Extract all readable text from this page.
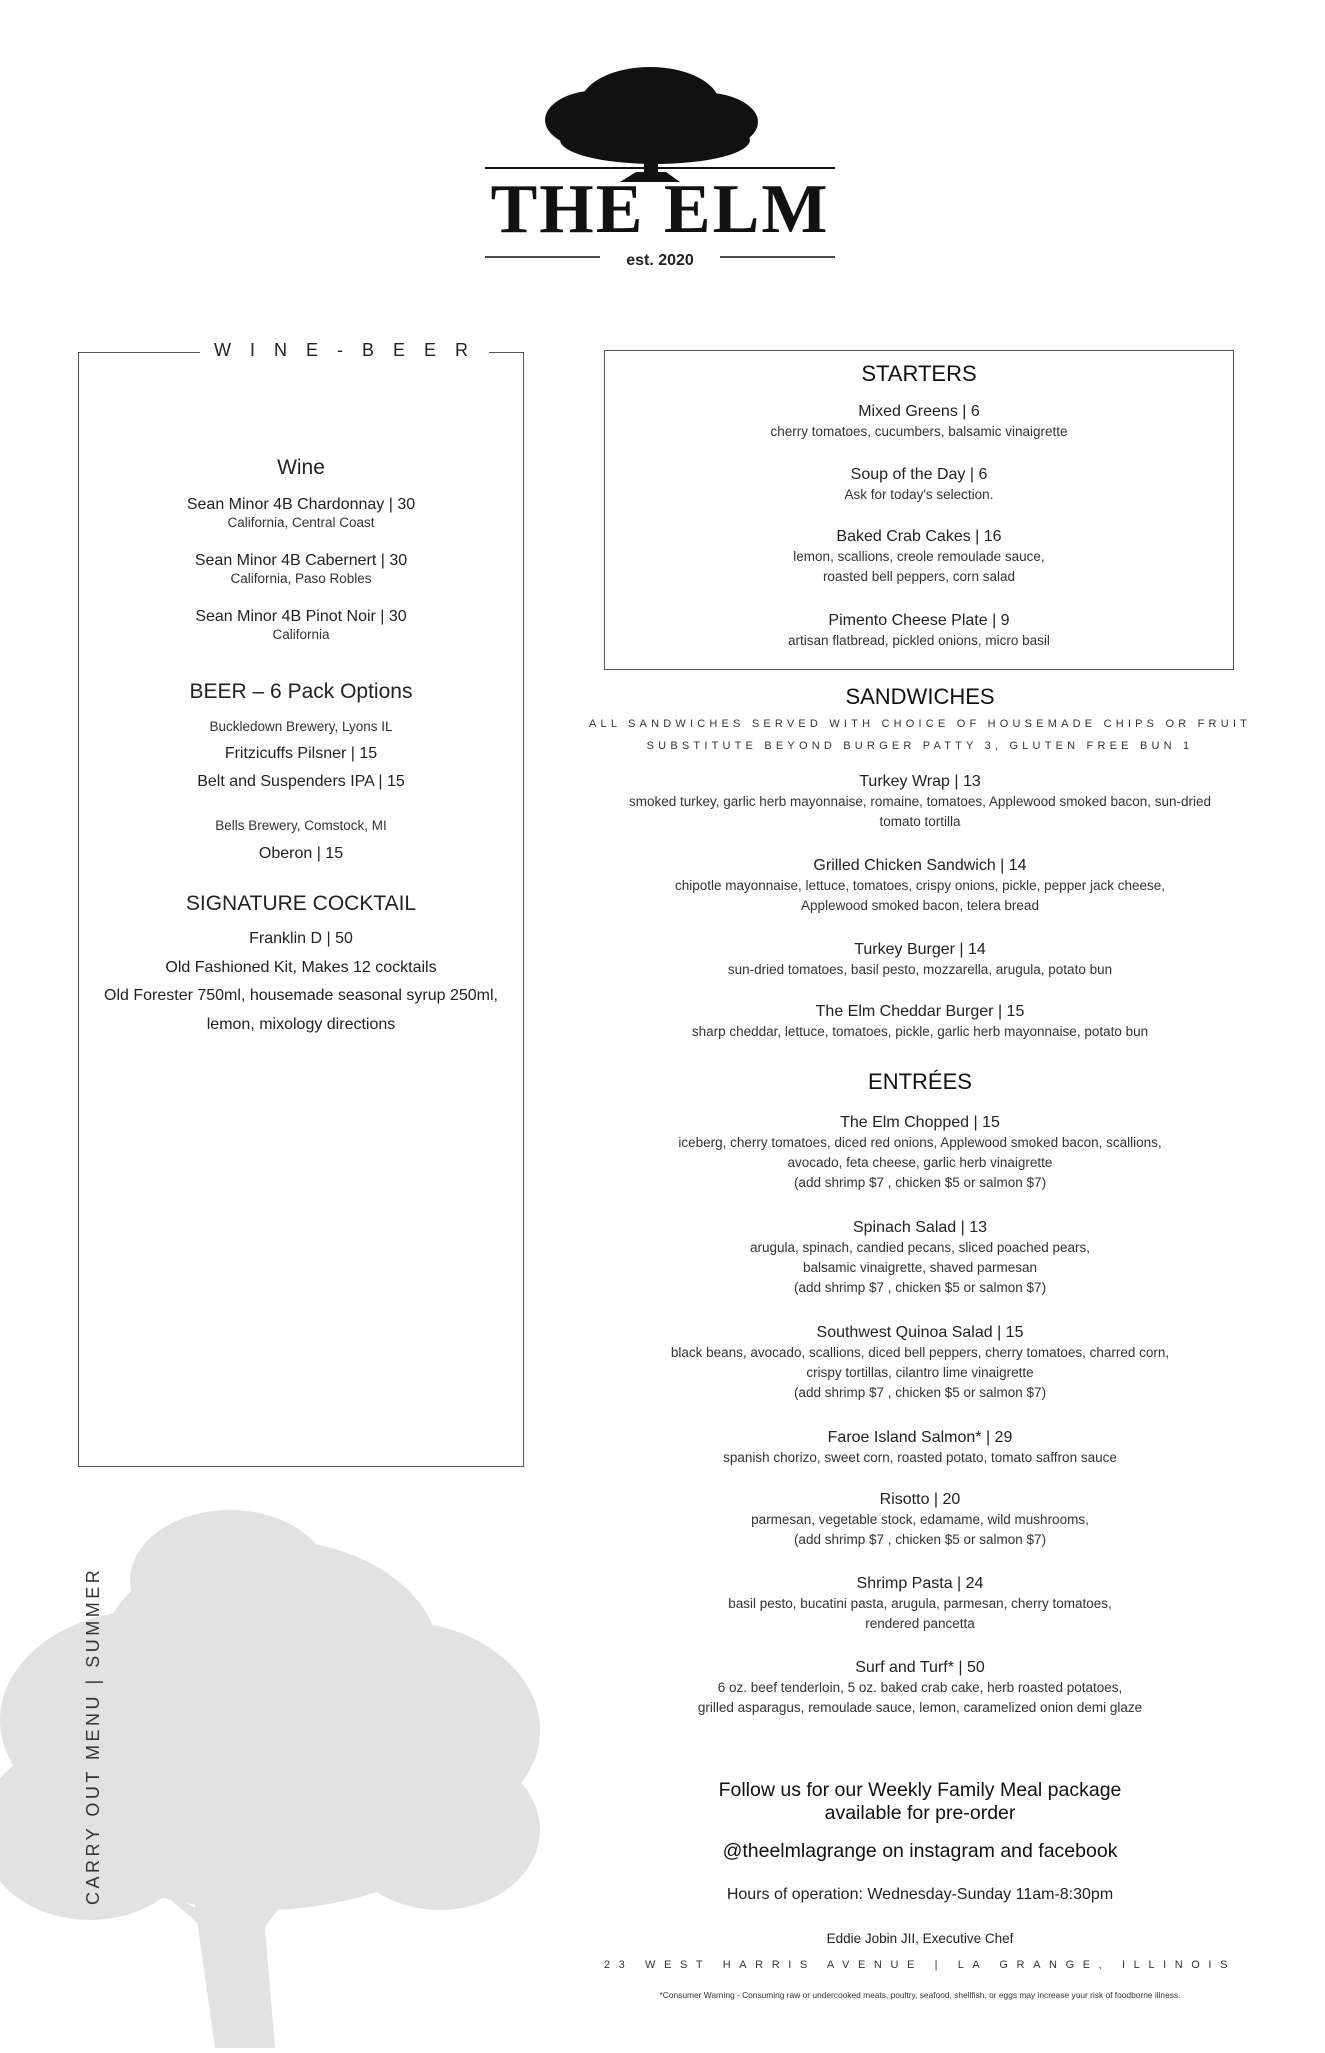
THE ELM
est. 2020
W I N E - B E E R
Wine
Sean Minor 4B Chardonnay | 30
California, Central Coast
Sean Minor 4B Cabernert | 30
California, Paso Robles
Sean Minor 4B Pinot Noir | 30
California
BEER – 6 Pack Options
Buckledown Brewery, Lyons IL
Fritzicuffs Pilsner | 15
Belt and Suspenders IPA | 15
Bells Brewery, Comstock, MI
Oberon | 15
SIGNATURE COCKTAIL
Franklin D | 50
Old Fashioned Kit, Makes 12 cocktails
Old Forester 750ml, housemade seasonal syrup 250ml,
lemon, mixology directions
STARTERS
Mixed Greens | 6
cherry tomatoes, cucumbers, balsamic vinaigrette
Soup of the Day | 6
Ask for today's selection.
Baked Crab Cakes | 16
lemon, scallions, creole remoulade sauce,
roasted bell peppers, corn salad
Pimento Cheese Plate | 9
artisan flatbread, pickled onions, micro basil
SANDWICHES
ALL SANDWICHES SERVED WITH CHOICE OF HOUSEMADE CHIPS OR FRUIT
SUBSTITUTE BEYOND BURGER PATTY 3, GLUTEN FREE BUN 1
Turkey Wrap | 13
smoked turkey, garlic herb mayonnaise, romaine, tomatoes, Applewood smoked bacon, sun-dried
tomato tortilla
Grilled Chicken Sandwich | 14
chipotle mayonnaise, lettuce, tomatoes, crispy onions, pickle, pepper jack cheese,
Applewood smoked bacon, telera bread
Turkey Burger | 14
sun-dried tomatoes, basil pesto, mozzarella, arugula, potato bun
The Elm Cheddar Burger | 15
sharp cheddar, lettuce, tomatoes, pickle, garlic herb mayonnaise, potato bun
ENTRÉES
The Elm Chopped | 15
iceberg, cherry tomatoes, diced red onions, Applewood smoked bacon, scallions,
avocado, feta cheese, garlic herb vinaigrette
(add shrimp $7 , chicken $5 or salmon $7)
Spinach Salad | 13
arugula, spinach, candied pecans, sliced poached pears,
balsamic vinaigrette, shaved parmesan
(add shrimp $7 , chicken $5 or salmon $7)
Southwest Quinoa Salad | 15
black beans, avocado, scallions, diced bell peppers, cherry tomatoes, charred corn,
crispy tortillas, cilantro lime vinaigrette
(add shrimp $7 , chicken $5 or salmon $7)
Faroe Island Salmon* | 29
spanish chorizo, sweet corn, roasted potato, tomato saffron sauce
Risotto | 20
parmesan, vegetable stock, edamame, wild mushrooms,
(add shrimp $7 , chicken $5 or salmon $7)
Shrimp Pasta | 24
basil pesto, bucatini pasta, arugula, parmesan, cherry tomatoes,
rendered pancetta
Surf and Turf* | 50
6 oz. beef tenderloin, 5 oz. baked crab cake, herb roasted potatoes,
grilled asparagus, remoulade sauce, lemon, caramelized onion demi glaze
Follow us for our Weekly Family Meal package
available for pre-order
@theelmlagrange on instagram and facebook
Hours of operation: Wednesday-Sunday 11am-8:30pm
Eddie Jobin JII, Executive Chef
23 WEST HARRIS AVENUE | LA GRANGE, ILLINOIS
*Consumer Warning - Consuming raw or undercooked meats, poultry, seafood, shellfish, or eggs may increase your risk of foodborne illness.
CARRY OUT MENU | SUMMER
